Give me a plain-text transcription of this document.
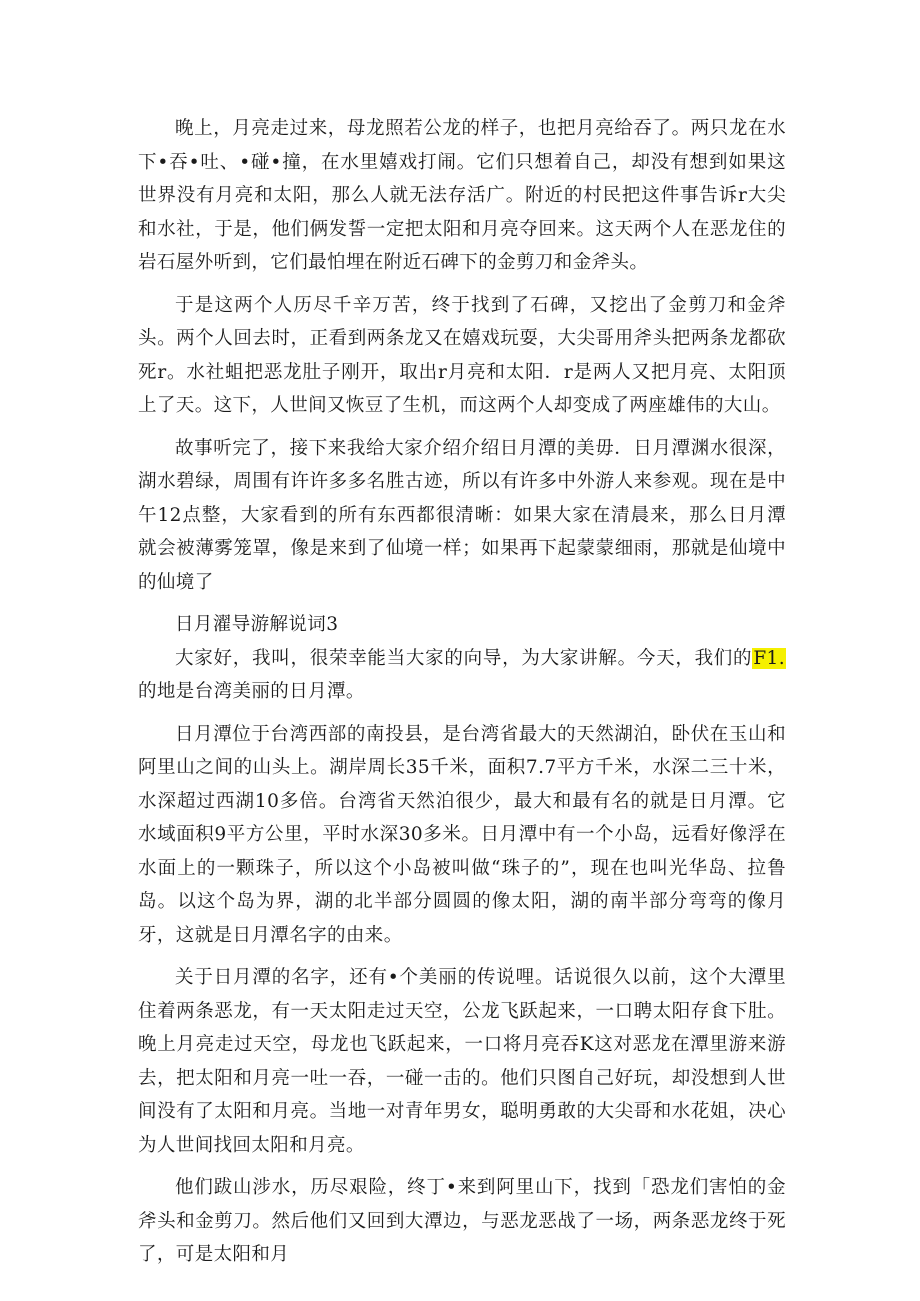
晚上，月亮走过来，母龙照若公龙的样子，也把月亮给吞了。两只龙在水下•吞•吐、•碰•撞，在水里嬉戏打闹。它们只想着自己，却没有想到如果这世界没有月亮和太阳，那么人就无法存活广。附近的村民把这件事告诉r大尖和水社，于是，他们俩发誓一定把太阳和月亮夺回来。这天两个人在恶龙住的岩石屋外听到，它们最怕埋在附近石碑下的金剪刀和金斧头。

于是这两个人历尽千辛万苦，终于找到了石碑，又挖出了金剪刀和金斧头。两个人回去时，正看到两条龙又在嬉戏玩耍，大尖哥用斧头把两条龙都砍死r。水社蛆把恶龙肚子刚开，取出r月亮和太阳．r是两人又把月亮、太阳顶上了天。这下，人世间又恢豆了生机，而这两个人却变成了两座雄伟的大山。

故事听完了，接下来我给大家介绍介绍日月潭的美毋．日月潭渊水很深，湖水碧绿，周围有许许多多名胜古迹，所以有许多中外游人来参观。现在是中午12点整，大家看到的所有东西都很清晰：如果大家在清晨来，那么日月潭就会被薄雾笼罩，像是来到了仙境一样；如果再下起蒙蒙细雨，那就是仙境中的仙境了

日月濯导游解说词3

大家好，我叫，很荣幸能当大家的向导，为大家讲解。今天，我们的F1.的地是台湾美丽的日月潭。

日月潭位于台湾西部的南投县，是台湾省最大的天然湖泊，卧伏在玉山和阿里山之间的山头上。湖岸周长35千米，面积7.7平方千米，水深二三十米，水深超过西湖10多倍。台湾省天然泊很少，最大和最有名的就是日月潭。它水域面积9平方公里，平时水深30多米。日月潭中有一个小岛，远看好像浮在水面上的一颗珠子，所以这个小岛被叫做“珠子的”，现在也叫光华岛、拉鲁岛。以这个岛为界，湖的北半部分圆圆的像太阳，湖的南半部分弯弯的像月牙，这就是日月潭名字的由来。

关于日月潭的名字，还有•个美丽的传说哩。话说很久以前，这个大潭里住着两条恶龙，有一天太阳走过天空，公龙飞跃起来，一口聘太阳存食下肚。晚上月亮走过天空，母龙也飞跃起来，一口将月亮吞K这对恶龙在潭里游来游去，把太阳和月亮一吐一吞，一碰一击的。他们只图自己好玩，却没想到人世间没有了太阳和月亮。当地一对青年男女，聪明勇敢的大尖哥和水花姐，决心为人世间找回太阳和月亮。

他们跋山涉水，历尽艰险，终丁•来到阿里山下，找到「恐龙们害怕的金斧头和金剪刀。然后他们又回到大潭边，与恶龙恶战了一场，两条恶龙终于死了，可是太阳和月
